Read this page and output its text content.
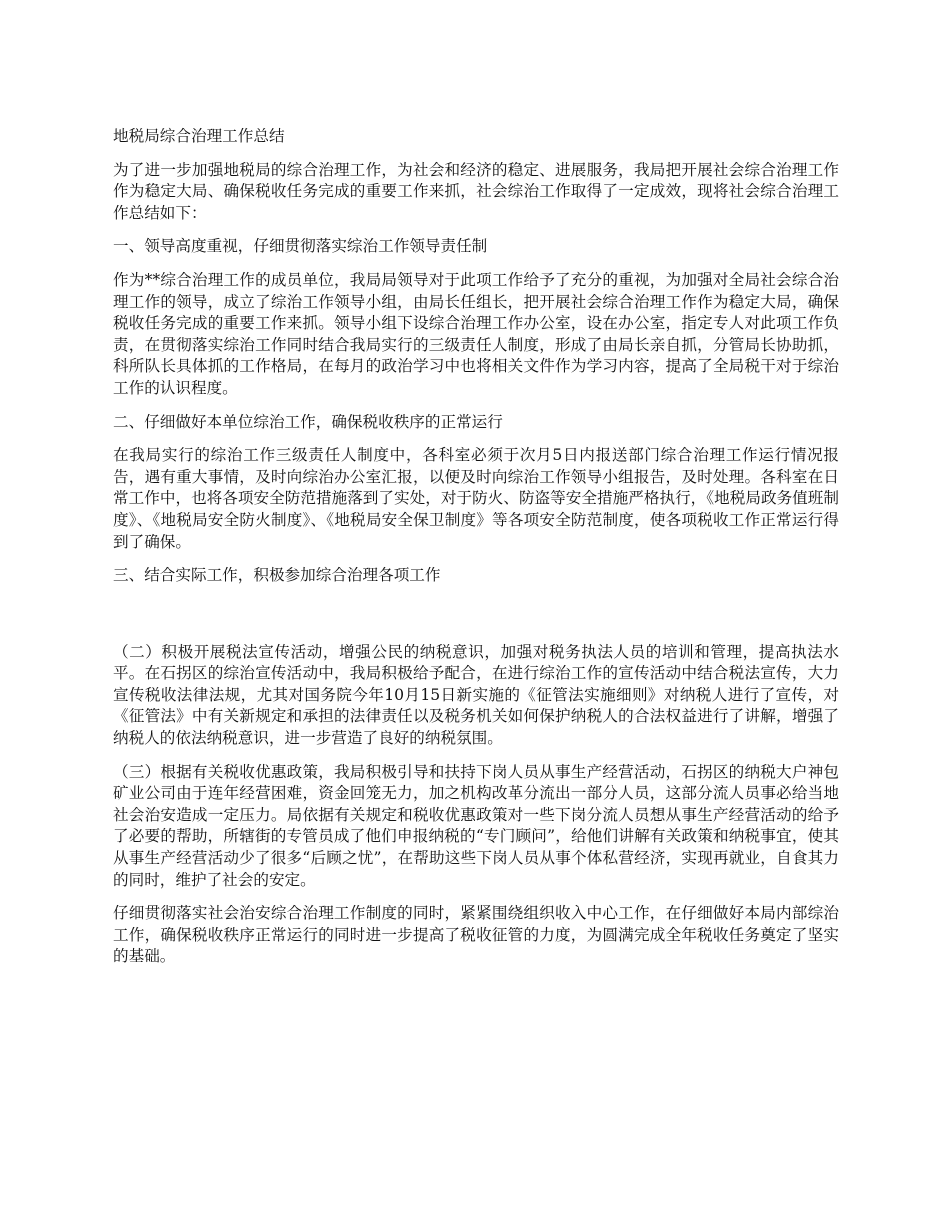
地税局综合治理工作总结

为了进一步加强地税局的综合治理工作，为社会和经济的稳定、进展服务，我局把开展社会综合治理工作作为稳定大局、确保税收任务完成的重要工作来抓，社会综治工作取得了一定成效，现将社会综合治理工作总结如下：

一、领导高度重视，仔细贯彻落实综治工作领导责任制

作为**综合治理工作的成员单位，我局局领导对于此项工作给予了充分的重视，为加强对全局社会综合治理工作的领导，成立了综治工作领导小组，由局长任组长，把开展社会综合治理工作作为稳定大局，确保税收任务完成的重要工作来抓。领导小组下设综合治理工作办公室，设在办公室，指定专人对此项工作负责，在贯彻落实综治工作同时结合我局实行的三级责任人制度，形成了由局长亲自抓，分管局长协助抓，科所队长具体抓的工作格局，在每月的政治学习中也将相关文件作为学习内容，提高了全局税干对于综治工作的认识程度。

二、仔细做好本单位综治工作，确保税收秩序的正常运行

在我局实行的综治工作三级责任人制度中，各科室必须于次月5日内报送部门综合治理工作运行情况报告，遇有重大事情，及时向综治办公室汇报，以便及时向综治工作领导小组报告，及时处理。各科室在日常工作中，也将各项安全防范措施落到了实处，对于防火、防盗等安全措施严格执行，《地税局政务值班制度》、《地税局安全防火制度》、《地税局安全保卫制度》等各项安全防范制度，使各项税收工作正常运行得到了确保。

三、结合实际工作，积极参加综合治理各项工作

（二）积极开展税法宣传活动，增强公民的纳税意识，加强对税务执法人员的培训和管理，提高执法水平。在石拐区的综治宣传活动中，我局积极给予配合，在进行综治工作的宣传活动中结合税法宣传，大力宣传税收法律法规，尤其对国务院今年10月15日新实施的《征管法实施细则》对纳税人进行了宣传，对《征管法》中有关新规定和承担的法律责任以及税务机关如何保护纳税人的合法权益进行了讲解，增强了纳税人的依法纳税意识，进一步营造了良好的纳税氛围。

（三）根据有关税收优惠政策，我局积极引导和扶持下岗人员从事生产经营活动，石拐区的纳税大户神包矿业公司由于连年经营困难，资金回笼无力，加之机构改革分流出一部分人员，这部分流人员事必给当地社会治安造成一定压力。局依据有关规定和税收优惠政策对一些下岗分流人员想从事生产经营活动的给予了必要的帮助，所辖街的专管员成了他们申报纳税的“专门顾问”，给他们讲解有关政策和纳税事宜，使其从事生产经营活动少了很多“后顾之忧”，在帮助这些下岗人员从事个体私营经济，实现再就业，自食其力的同时，维护了社会的安定。

仔细贯彻落实社会治安综合治理工作制度的同时，紧紧围绕组织收入中心工作，在仔细做好本局内部综治工作，确保税收秩序正常运行的同时进一步提高了税收征管的力度，为圆满完成全年税收任务奠定了坚实的基础。
